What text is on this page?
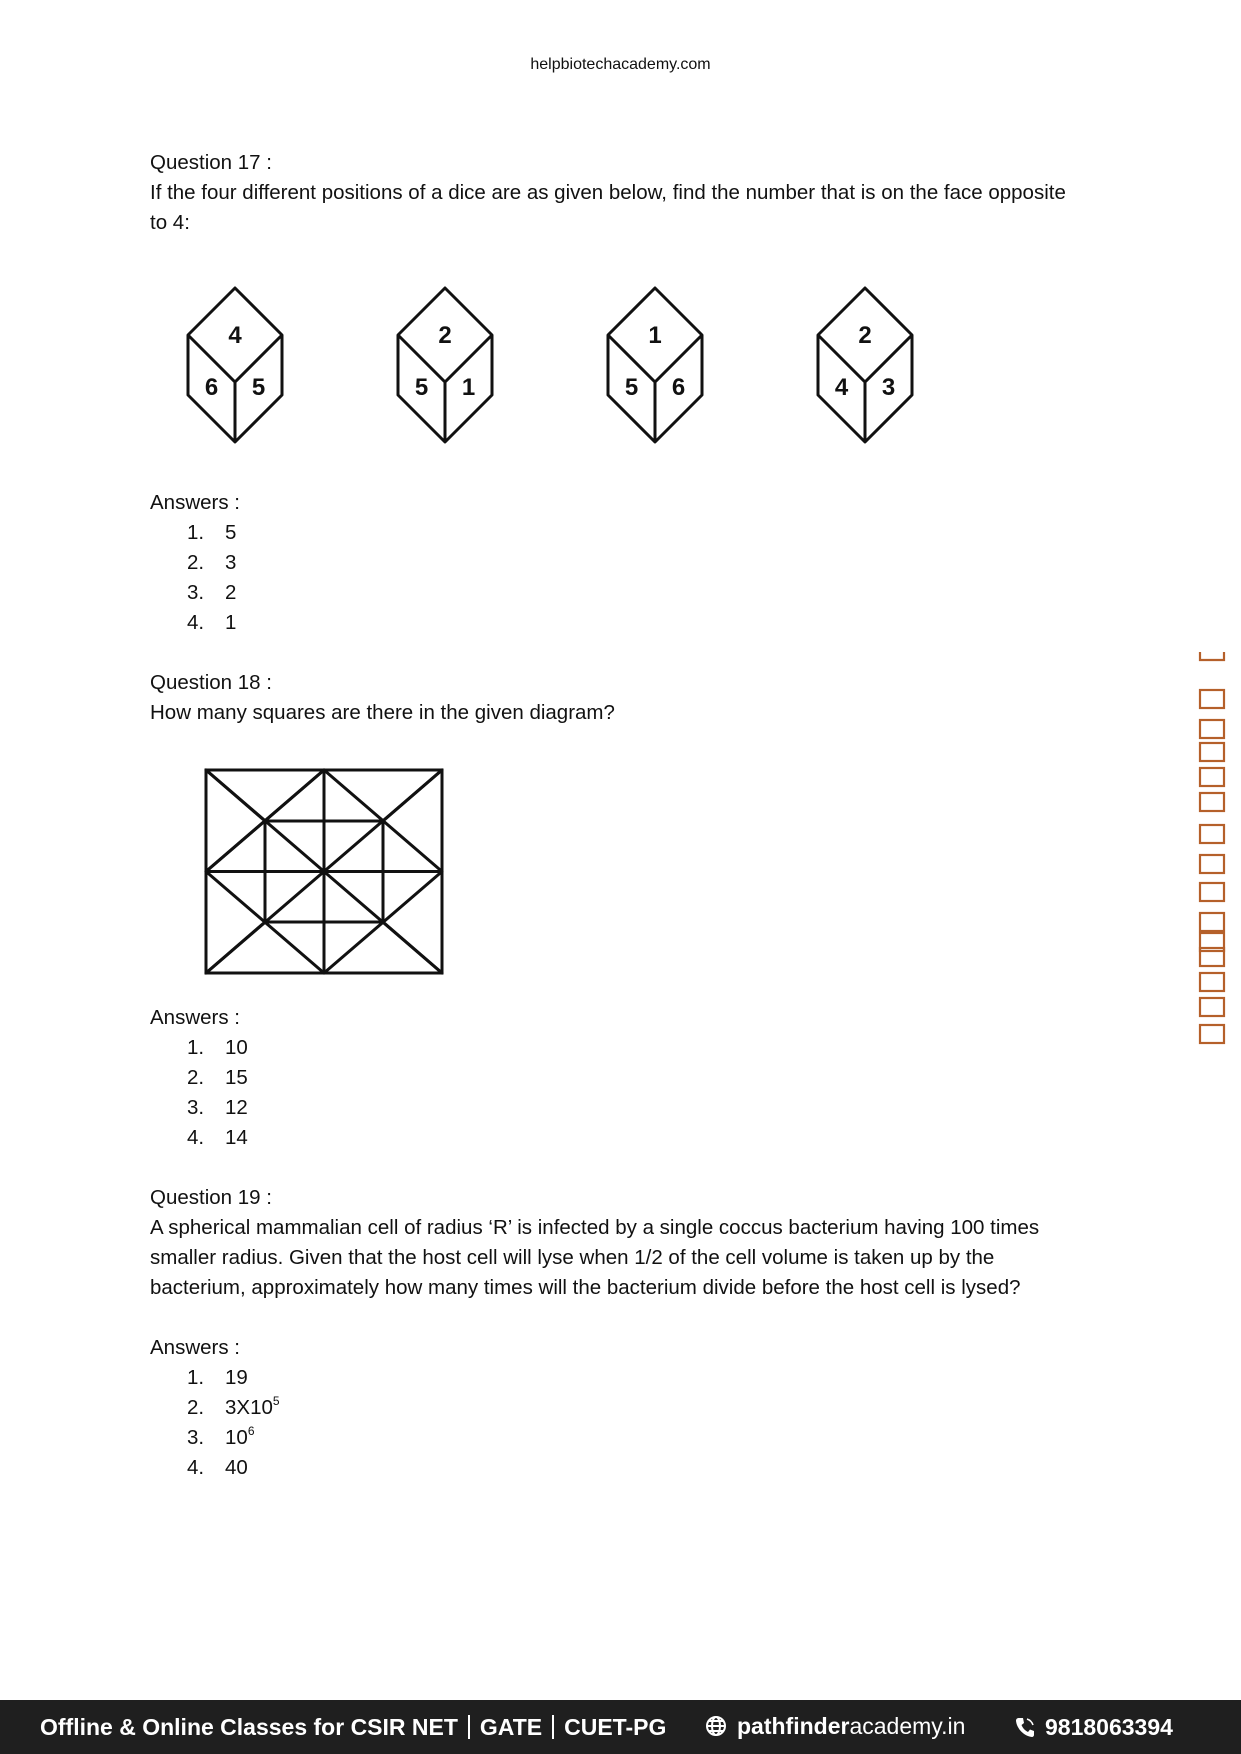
helpbiotechacademy.com

Question 17 :

If the four different positions of a dice are as given below, find the number that is on the face opposite to 4:

4
6 5
2
5 1
1
5 6
2
4 3

Answers :

1.	5
2.	3
3.	2
4.	1

Question 18 :

How many squares are there in the given diagram?

Answers :

1.	10
2.	15
3.	12
4.	14

Question 19 :

A spherical mammalian cell of radius ‘R’ is infected by a single coccus bacterium having 100 times smaller radius. Given that the host cell will lyse when 1/2 of the cell volume is taken up by the bacterium, approximately how many times will the bacterium divide before the host cell is lysed?

Answers :

1.	19
2.	$3X10^5$
3.	$10^6$
4.	40
Offline & Online Classes for CSIR NET GATE CUET-PG	pathfinderacademy.in	9818063394
